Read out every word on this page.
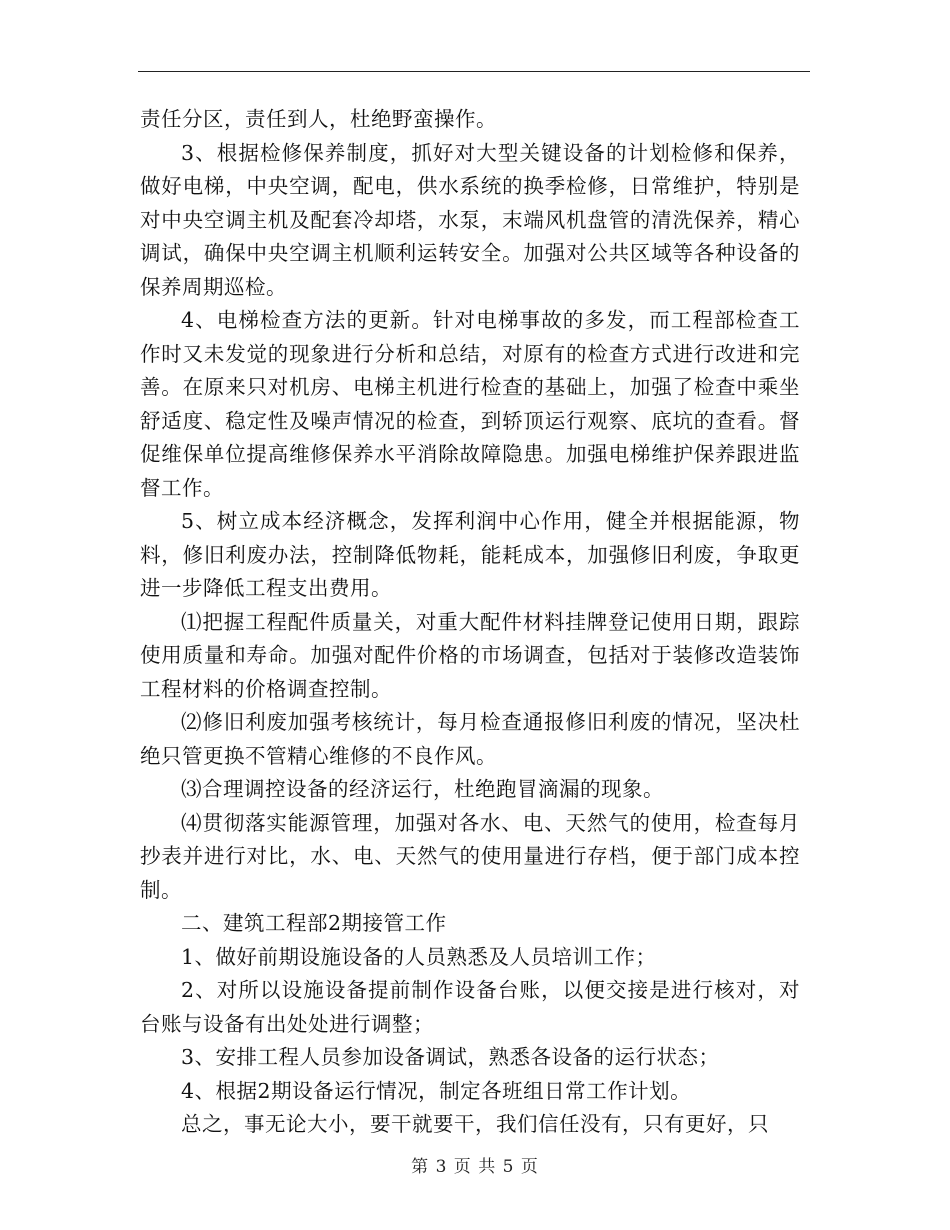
责任分区，责任到人，杜绝野蛮操作。

3、根据检修保养制度，抓好对大型关键设备的计划检修和保养，做好电梯，中央空调，配电，供水系统的换季检修，日常维护，特别是对中央空调主机及配套冷却塔，水泵，末端风机盘管的清洗保养，精心调试，确保中央空调主机顺利运转安全。加强对公共区域等各种设备的保养周期巡检。

4、电梯检查方法的更新。针对电梯事故的多发，而工程部检查工作时又未发觉的现象进行分析和总结，对原有的检查方式进行改进和完善。在原来只对机房、电梯主机进行检查的基础上，加强了检查中乘坐舒适度、稳定性及噪声情况的检查，到轿顶运行观察、底坑的查看。督促维保单位提高维修保养水平消除故障隐患。加强电梯维护保养跟进监督工作。

5、树立成本经济概念，发挥利润中心作用，健全并根据能源，物料，修旧利废办法，控制降低物耗，能耗成本，加强修旧利废，争取更进一步降低工程支出费用。

⑴把握工程配件质量关，对重大配件材料挂牌登记使用日期，跟踪使用质量和寿命。加强对配件价格的市场调查，包括对于装修改造装饰工程材料的价格调查控制。

⑵修旧利废加强考核统计，每月检查通报修旧利废的情况，坚决杜绝只管更换不管精心维修的不良作风。

⑶合理调控设备的经济运行，杜绝跑冒滴漏的现象。

⑷贯彻落实能源管理，加强对各水、电、天然气的使用，检查每月抄表并进行对比，水、电、天然气的使用量进行存档，便于部门成本控制。

二、建筑工程部2期接管工作

1、做好前期设施设备的人员熟悉及人员培训工作；

2、对所以设施设备提前制作设备台账，以便交接是进行核对，对台账与设备有出处处进行调整；

3、安排工程人员参加设备调试，熟悉各设备的运行状态；

4、根据2期设备运行情况，制定各班组日常工作计划。

总之，事无论大小，要干就要干，我们信任没有，只有更好，只

第 3 页 共 5 页
